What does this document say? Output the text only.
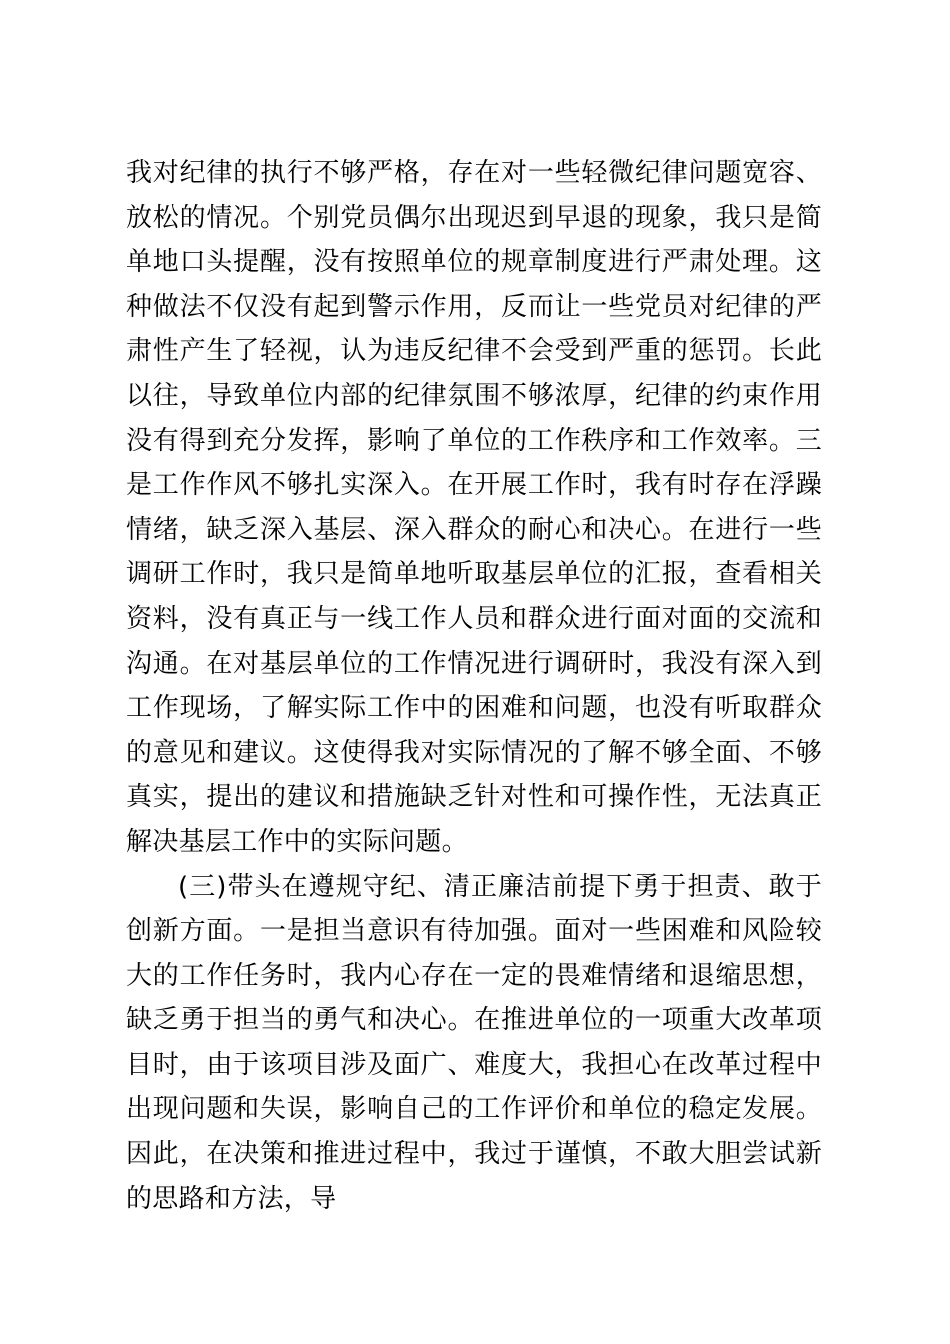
我对纪律的执行不够严格，存在对一些轻微纪律问题宽容、放松的情况。个别党员偶尔出现迟到早退的现象，我只是简单地口头提醒，没有按照单位的规章制度进行严肃处理。这种做法不仅没有起到警示作用，反而让一些党员对纪律的严肃性产生了轻视，认为违反纪律不会受到严重的惩罚。长此以往，导致单位内部的纪律氛围不够浓厚，纪律的约束作用没有得到充分发挥，影响了单位的工作秩序和工作效率。三是工作作风不够扎实深入。在开展工作时，我有时存在浮躁情绪，缺乏深入基层、深入群众的耐心和决心。在进行一些调研工作时，我只是简单地听取基层单位的汇报，查看相关资料，没有真正与一线工作人员和群众进行面对面的交流和沟通。在对基层单位的工作情况进行调研时，我没有深入到工作现场，了解实际工作中的困难和问题，也没有听取群众的意见和建议。这使得我对实际情况的了解不够全面、不够真实，提出的建议和措施缺乏针对性和可操作性，无法真正解决基层工作中的实际问题。

(三)带头在遵规守纪、清正廉洁前提下勇于担责、敢于创新方面。一是担当意识有待加强。面对一些困难和风险较大的工作任务时，我内心存在一定的畏难情绪和退缩思想，缺乏勇于担当的勇气和决心。在推进单位的一项重大改革项目时，由于该项目涉及面广、难度大，我担心在改革过程中出现问题和失误，影响自己的工作评价和单位的稳定发展。因此，在决策和推进过程中，我过于谨慎，不敢大胆尝试新的思路和方法，导
